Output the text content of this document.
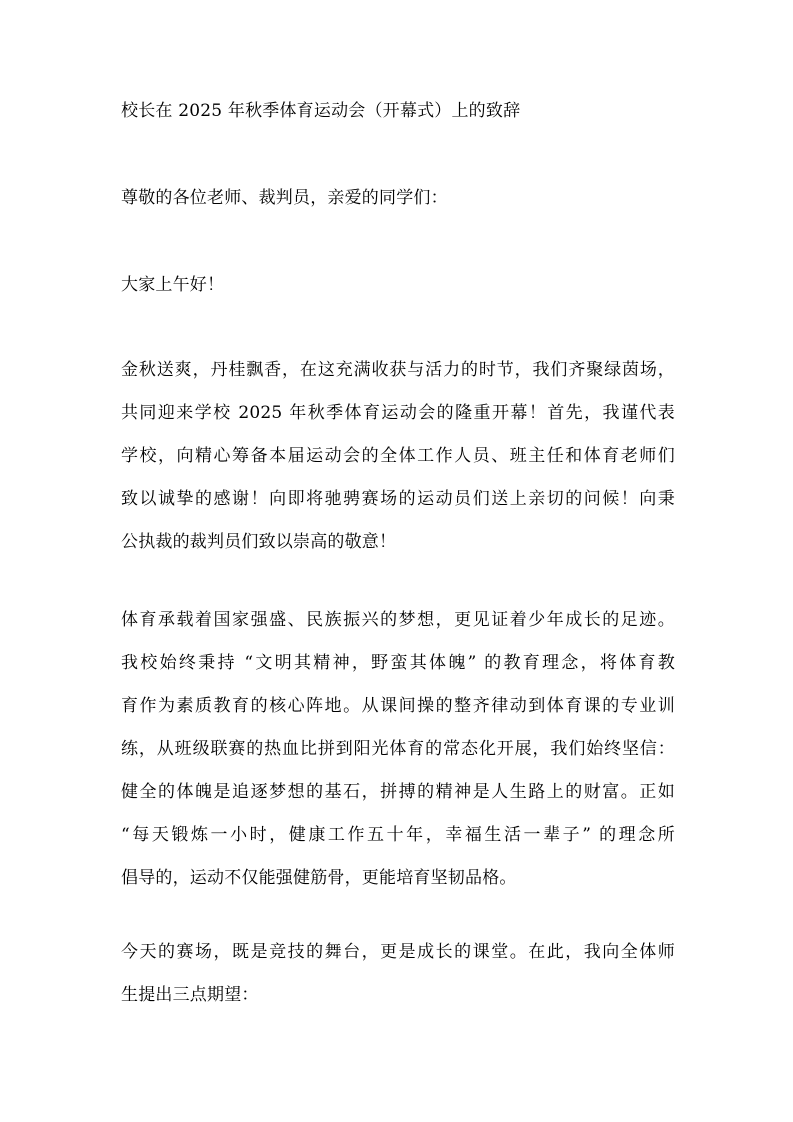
校长在 2025 年秋季体育运动会（开幕式）上的致辞
尊敬的各位老师、裁判员，亲爱的同学们：
大家上午好！
金秋送爽，丹桂飘香，在这充满收获与活力的时节，我们齐聚绿茵场，
共同迎来学校 2025 年秋季体育运动会的隆重开幕！首先，我谨代表
学校，向精心筹备本届运动会的全体工作人员、班主任和体育老师们
致以诚挚的感谢！向即将驰骋赛场的运动员们送上亲切的问候！向秉
公执裁的裁判员们致以崇高的敬意！
体育承载着国家强盛、民族振兴的梦想，更见证着少年成长的足迹。
我校始终秉持 “文明其精神，野蛮其体魄” 的教育理念，将体育教
育作为素质教育的核心阵地。从课间操的整齐律动到体育课的专业训
练，从班级联赛的热血比拼到阳光体育的常态化开展，我们始终坚信：
健全的体魄是追逐梦想的基石，拼搏的精神是人生路上的财富。正如
“每天锻炼一小时，健康工作五十年，幸福生活一辈子” 的理念所
倡导的，运动不仅能强健筋骨，更能培育坚韧品格。
今天的赛场，既是竞技的舞台，更是成长的课堂。在此，我向全体师
生提出三点期望：
